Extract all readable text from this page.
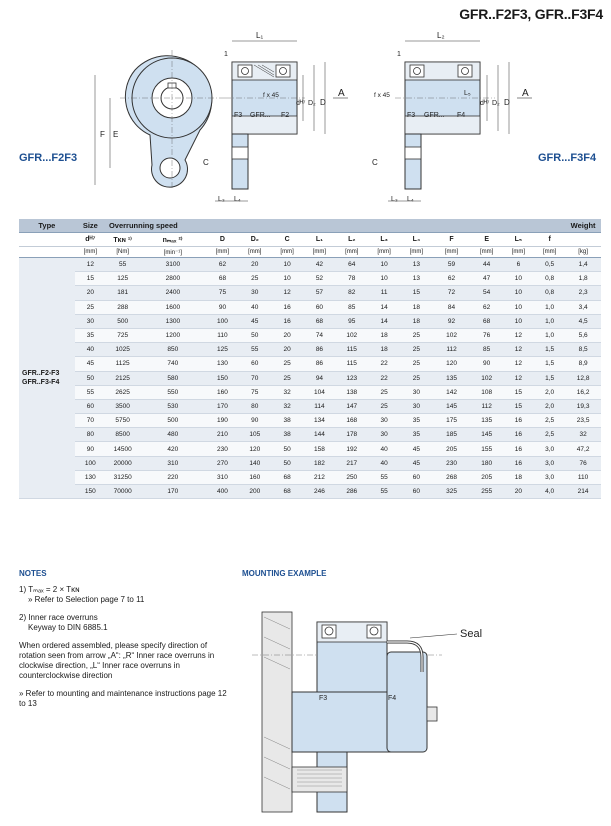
GFR..F2F3, GFR..F3F4
F E
F3 GFR... F2
f x 45
L₁
1
L₃ L₄
C
dᴴ⁷ D₂ D
A
F3 GFR... F4
f x 45
L₂
1
L₃ L₄
C
L₅
dᴴ⁷ D₂ D
A
GFR...F2F3	GFR...F3F4
Type	Size	Overrunning speed													Weight
	dᴴ⁷	Tᴋɴ ¹⁾	nₘₐₓ ²⁾	D	D₂	C	L₁	L₂	L₃	L₄	F	E	L₅	f	
	[mm]	[Nm]	[min⁻¹]	[mm]	[mm]	[mm]	[mm]	[mm]	[mm]	[mm]	[mm]	[mm]	[mm]	[mm]	[kg]

GFR..F2-F3
GFR..F3-F4	12	55	3100	62	20	10	42	64	10	13	59	44	6	0,5	1,4
	15	125	2800	68	25	10	52	78	10	13	62	47	10	0,8	1,8
	20	181	2400	75	30	12	57	82	11	15	72	54	10	0,8	2,3
	25	288	1600	90	40	16	60	85	14	18	84	62	10	1,0	3,4
	30	500	1300	100	45	16	68	95	14	18	92	68	10	1,0	4,5
	35	725	1200	110	50	20	74	102	18	25	102	76	12	1,0	5,6
	40	1025	850	125	55	20	86	115	18	25	112	85	12	1,5	8,5
	45	1125	740	130	60	25	86	115	22	25	120	90	12	1,5	8,9
	50	2125	580	150	70	25	94	123	22	25	135	102	12	1,5	12,8
	55	2625	550	160	75	32	104	138	25	30	142	108	15	2,0	16,2
	60	3500	530	170	80	32	114	147	25	30	145	112	15	2,0	19,3
	70	5750	500	190	90	38	134	168	30	35	175	135	16	2,5	23,5
	80	8500	480	210	105	38	144	178	30	35	185	145	16	2,5	32
	90	14500	420	230	120	50	158	192	40	45	205	155	16	3,0	47,2
	100	20000	310	270	140	50	182	217	40	45	230	180	16	3,0	76
	130	31250	220	310	160	68	212	250	55	60	268	205	18	3,0	110
	150	70000	170	400	200	68	246	286	55	60	325	255	20	4,0	214
NOTES

1) Tₘₐₓ = 2 × Tᴋɴ
» Refer to Selection page 7 to 11

2) Inner race overruns
Keyway to DIN 6885.1

When ordered assembled, please specify direction of rotation seen from arrow „A“: „R“ Inner race overruns in clockwise direction, „L“ Inner race overruns in counterclockwise direction

» Refer to mounting and maintenance instructions page 12 to 13

MOUNTING EXAMPLE
Seal
F3	F4
